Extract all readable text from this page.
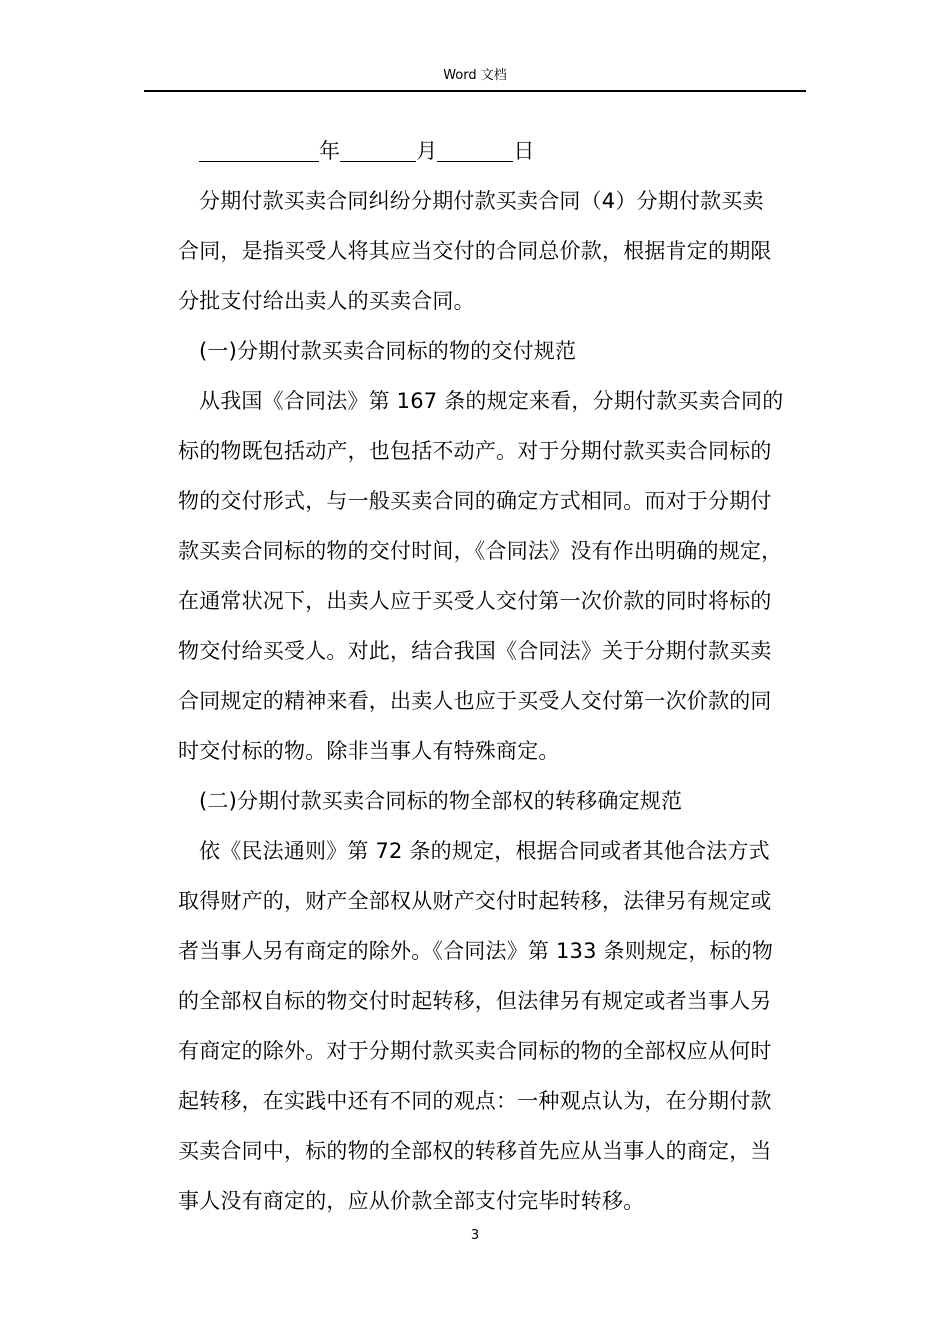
Word 文档
年	月	日
分期付款买卖合同纠纷分期付款买卖合同（4）分期付款买卖
合同，是指买受人将其应当交付的合同总价款，根据肯定的期限
分批支付给出卖人的买卖合同。
(一)分期付款买卖合同标的物的交付规范
从我国《合同法》第 167 条的规定来看，分期付款买卖合同的
标的物既包括动产，也包括不动产。对于分期付款买卖合同标的
物的交付形式，与一般买卖合同的确定方式相同。而对于分期付
款买卖合同标的物的交付时间，《合同法》没有作出明确的规定，
在通常状况下，出卖人应于买受人交付第一次价款的同时将标的
物交付给买受人。对此，结合我国《合同法》关于分期付款买卖
合同规定的精神来看，出卖人也应于买受人交付第一次价款的同
时交付标的物。除非当事人有特殊商定。
(二)分期付款买卖合同标的物全部权的转移确定规范
依《民法通则》第 72 条的规定，根据合同或者其他合法方式
取得财产的，财产全部权从财产交付时起转移，法律另有规定或
者当事人另有商定的除外。《合同法》第 133 条则规定，标的物
的全部权自标的物交付时起转移，但法律另有规定或者当事人另
有商定的除外。对于分期付款买卖合同标的物的全部权应从何时
起转移，在实践中还有不同的观点：一种观点认为，在分期付款
买卖合同中，标的物的全部权的转移首先应从当事人的商定，当
事人没有商定的，应从价款全部支付完毕时转移。
3
